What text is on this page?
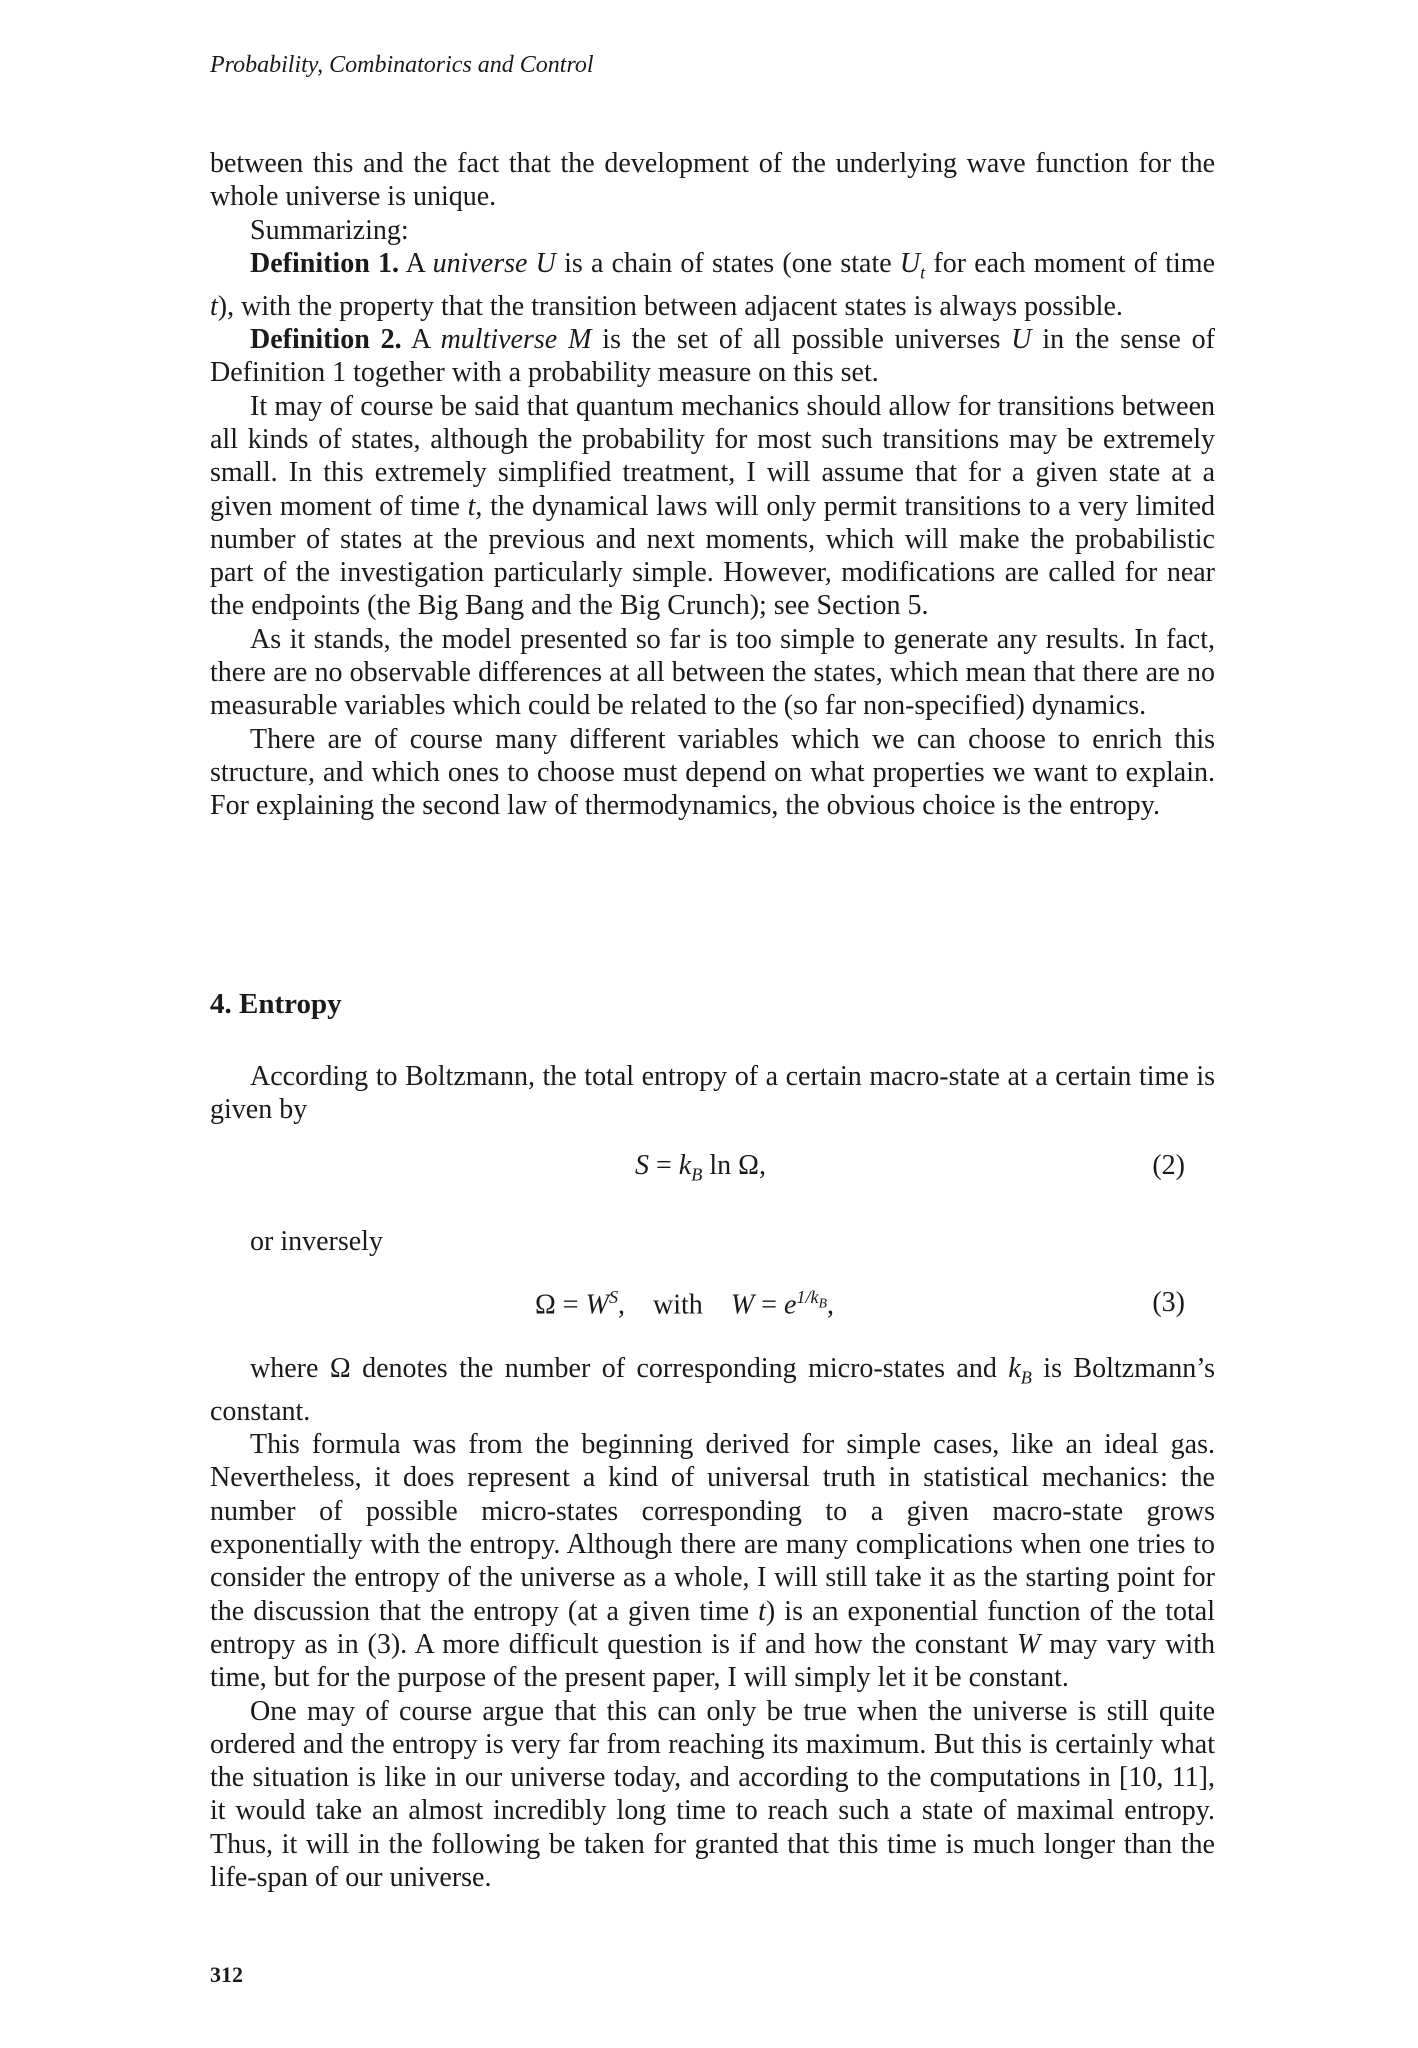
Probability, Combinatorics and Control

between this and the fact that the development of the underlying wave function for the whole universe is unique.

Summarizing:

Definition 1. A universe U is a chain of states (one state $U_t$ for each moment of time t), with the property that the transition between adjacent states is always possible.

Definition 2. A multiverse M is the set of all possible universes U in the sense of Definition 1 together with a probability measure on this set.

It may of course be said that quantum mechanics should allow for transitions between all kinds of states, although the probability for most such transitions may be extremely small. In this extremely simplified treatment, I will assume that for a given state at a given moment of time t, the dynamical laws will only permit transitions to a very limited number of states at the previous and next moments, which will make the probabilistic part of the investigation particularly simple. However, modifications are called for near the endpoints (the Big Bang and the Big Crunch); see Section 5.

As it stands, the model presented so far is too simple to generate any results. In fact, there are no observable differences at all between the states, which mean that there are no measurable variables which could be related to the (so far non-specified) dynamics.

There are of course many different variables which we can choose to enrich this structure, and which ones to choose must depend on what properties we want to explain. For explaining the second law of thermodynamics, the obvious choice is the entropy.

4. Entropy

According to Boltzmann, the total entropy of a certain macro-state at a certain time is given by

$S = k_B$ ln Ω,	(2)

or inversely

$\Omega = W^S$, with $W = e^{1/k_B}$,	(3)

where Ω denotes the number of corresponding micro-states and $k_B$ is Boltzmann’s constant.

This formula was from the beginning derived for simple cases, like an ideal gas. Nevertheless, it does represent a kind of universal truth in statistical mechanics: the number of possible micro-states corresponding to a given macro-state grows exponentially with the entropy. Although there are many complications when one tries to consider the entropy of the universe as a whole, I will still take it as the starting point for the discussion that the entropy (at a given time t) is an exponential function of the total entropy as in (3). A more difficult question is if and how the constant W may vary with time, but for the purpose of the present paper, I will simply let it be constant.

One may of course argue that this can only be true when the universe is still quite ordered and the entropy is very far from reaching its maximum. But this is certainly what the situation is like in our universe today, and according to the computations in [10, 11], it would take an almost incredibly long time to reach such a state of maximal entropy. Thus, it will in the following be taken for granted that this time is much longer than the life-span of our universe.

312
